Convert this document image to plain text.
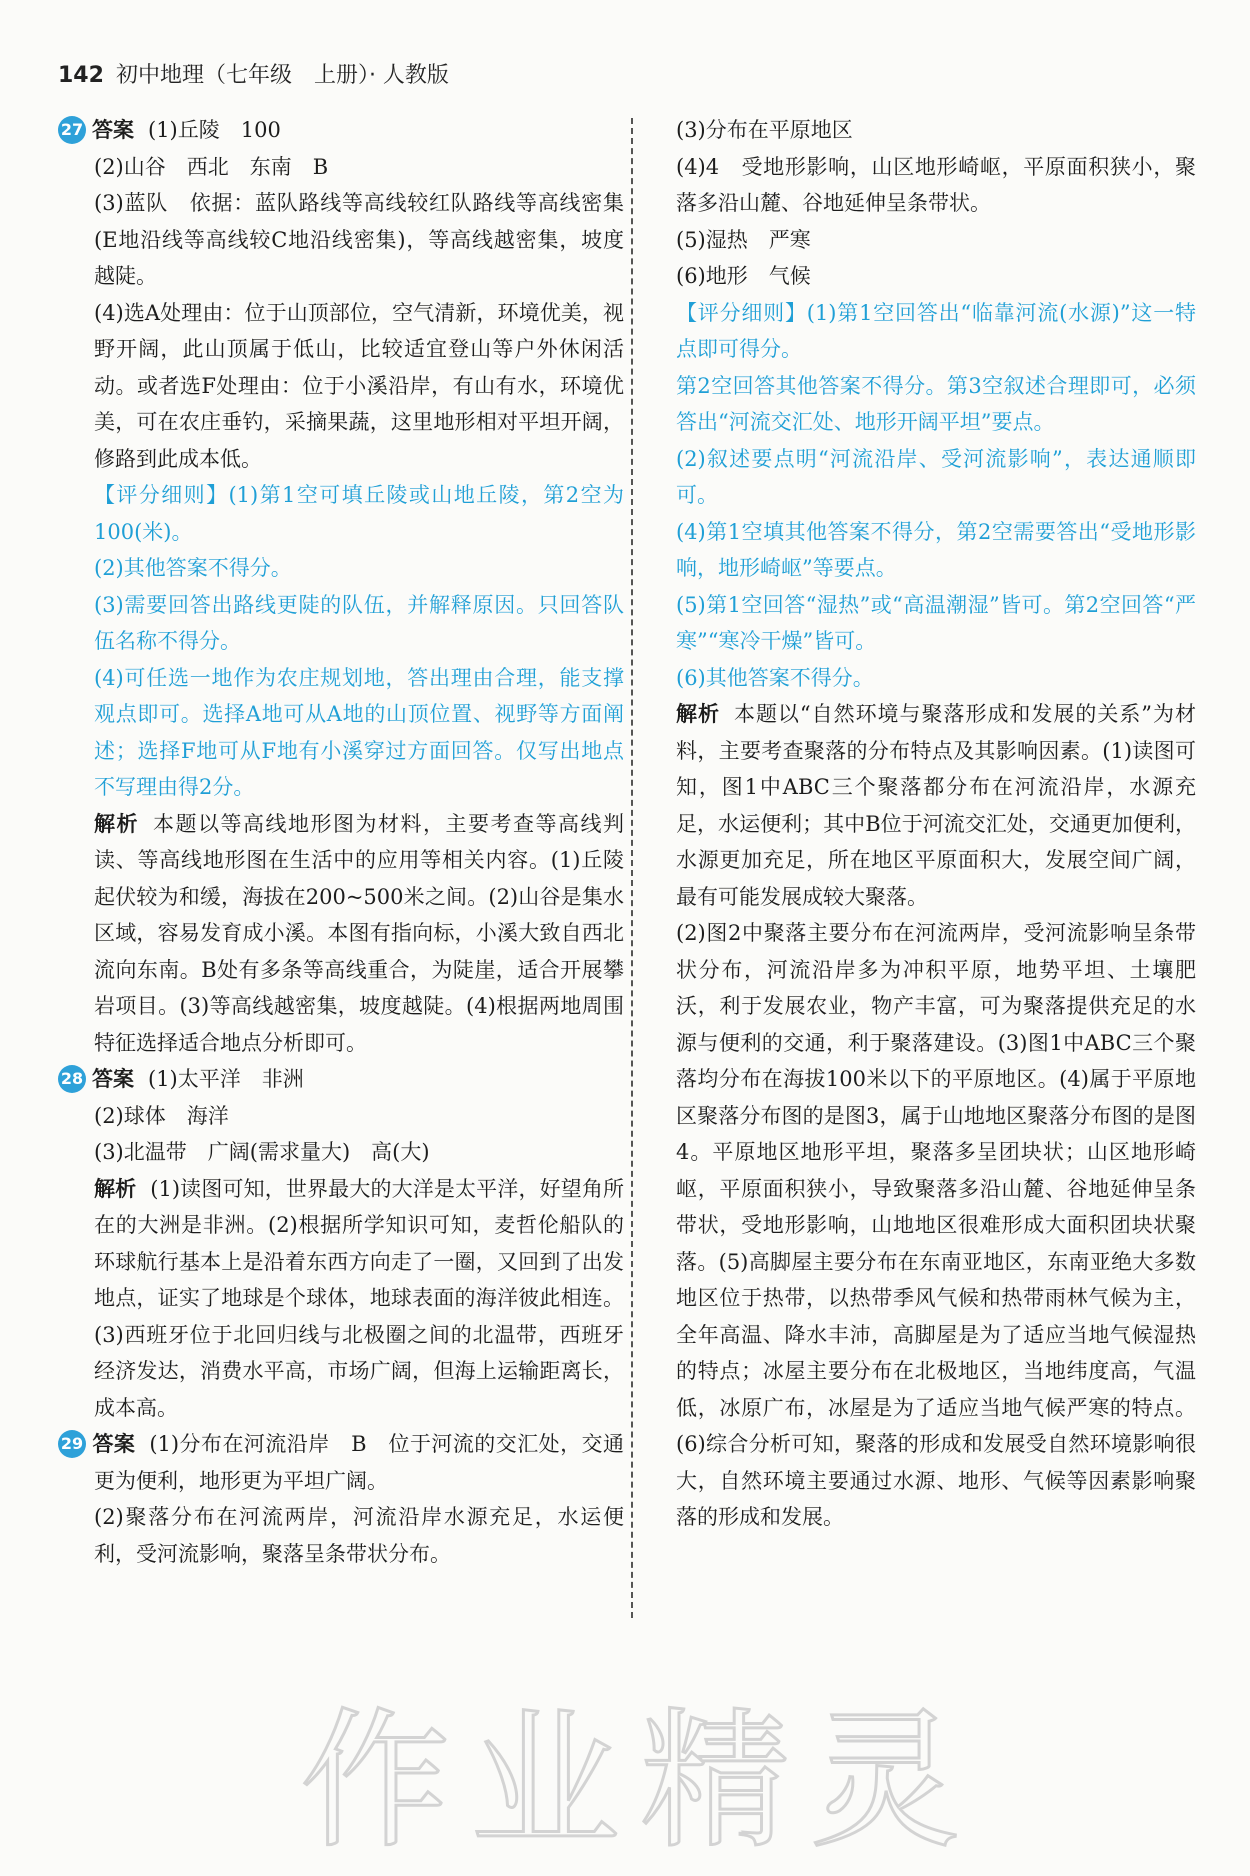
142 初中地理（七年级　上册）· 人教版

27 答案 (1)丘陵　100

(2)山谷　西北　东南　B

(3)蓝队　依据：蓝队路线等高线较红队路线等高线密集(E地沿线等高线较C地沿线密集)，等高线越密集，坡度越陡。

(4)选A处理由：位于山顶部位，空气清新，环境优美，视野开阔，此山顶属于低山，比较适宜登山等户外休闲活动。或者选F处理由：位于小溪沿岸，有山有水，环境优美，可在农庄垂钓，采摘果蔬，这里地形相对平坦开阔，修路到此成本低。

【评分细则】(1)第1空可填丘陵或山地丘陵，第2空为100(米)。

(2)其他答案不得分。

(3)需要回答出路线更陡的队伍，并解释原因。只回答队伍名称不得分。

(4)可任选一地作为农庄规划地，答出理由合理，能支撑观点即可。选择A地可从A地的山顶位置、视野等方面阐述；选择F地可从F地有小溪穿过方面回答。仅写出地点不写理由得2分。

解析 本题以等高线地形图为材料，主要考查等高线判读、等高线地形图在生活中的应用等相关内容。(1)丘陵起伏较为和缓，海拔在200~500米之间。(2)山谷是集水区域，容易发育成小溪。本图有指向标，小溪大致自西北流向东南。B处有多条等高线重合，为陡崖，适合开展攀岩项目。(3)等高线越密集，坡度越陡。(4)根据两地周围特征选择适合地点分析即可。

28 答案 (1)太平洋　非洲

(2)球体　海洋

(3)北温带　广阔(需求量大)　高(大)

解析 (1)读图可知，世界最大的大洋是太平洋，好望角所在的大洲是非洲。(2)根据所学知识可知，麦哲伦船队的环球航行基本上是沿着东西方向走了一圈，又回到了出发地点，证实了地球是个球体，地球表面的海洋彼此相连。(3)西班牙位于北回归线与北极圈之间的北温带，西班牙经济发达，消费水平高，市场广阔，但海上运输距离长，成本高。

29 答案 (1)分布在河流沿岸　B　位于河流的交汇处，交通更为便利，地形更为平坦广阔。

(2)聚落分布在河流两岸，河流沿岸水源充足，水运便利，受河流影响，聚落呈条带状分布。

(3)分布在平原地区

(4)4　受地形影响，山区地形崎岖，平原面积狭小，聚落多沿山麓、谷地延伸呈条带状。

(5)湿热　严寒

(6)地形　气候

【评分细则】(1)第1空回答出“临靠河流(水源)”这一特点即可得分。

第2空回答其他答案不得分。第3空叙述合理即可，必须答出“河流交汇处、地形开阔平坦”要点。

(2)叙述要点明“河流沿岸、受河流影响”，表达通顺即可。

(4)第1空填其他答案不得分，第2空需要答出“受地形影响，地形崎岖”等要点。

(5)第1空回答“湿热”或“高温潮湿”皆可。第2空回答“严寒”“寒冷干燥”皆可。

(6)其他答案不得分。

解析 本题以“自然环境与聚落形成和发展的关系”为材料，主要考查聚落的分布特点及其影响因素。(1)读图可知，图1中ABC三个聚落都分布在河流沿岸，水源充足，水运便利；其中B位于河流交汇处，交通更加便利，水源更加充足，所在地区平原面积大，发展空间广阔，最有可能发展成较大聚落。

(2)图2中聚落主要分布在河流两岸，受河流影响呈条带状分布，河流沿岸多为冲积平原，地势平坦、土壤肥沃，利于发展农业，物产丰富，可为聚落提供充足的水源与便利的交通，利于聚落建设。(3)图1中ABC三个聚落均分布在海拔100米以下的平原地区。(4)属于平原地区聚落分布图的是图3，属于山地地区聚落分布图的是图4。平原地区地形平坦，聚落多呈团块状；山区地形崎岖，平原面积狭小，导致聚落多沿山麓、谷地延伸呈条带状，受地形影响，山地地区很难形成大面积团块状聚落。(5)高脚屋主要分布在东南亚地区，东南亚绝大多数地区位于热带，以热带季风气候和热带雨林气候为主，全年高温、降水丰沛，高脚屋是为了适应当地气候湿热的特点；冰屋主要分布在北极地区，当地纬度高，气温低，冰原广布，冰屋是为了适应当地气候严寒的特点。(6)综合分析可知，聚落的形成和发展受自然环境影响很大，自然环境主要通过水源、地形、气候等因素影响聚落的形成和发展。

作业精灵
